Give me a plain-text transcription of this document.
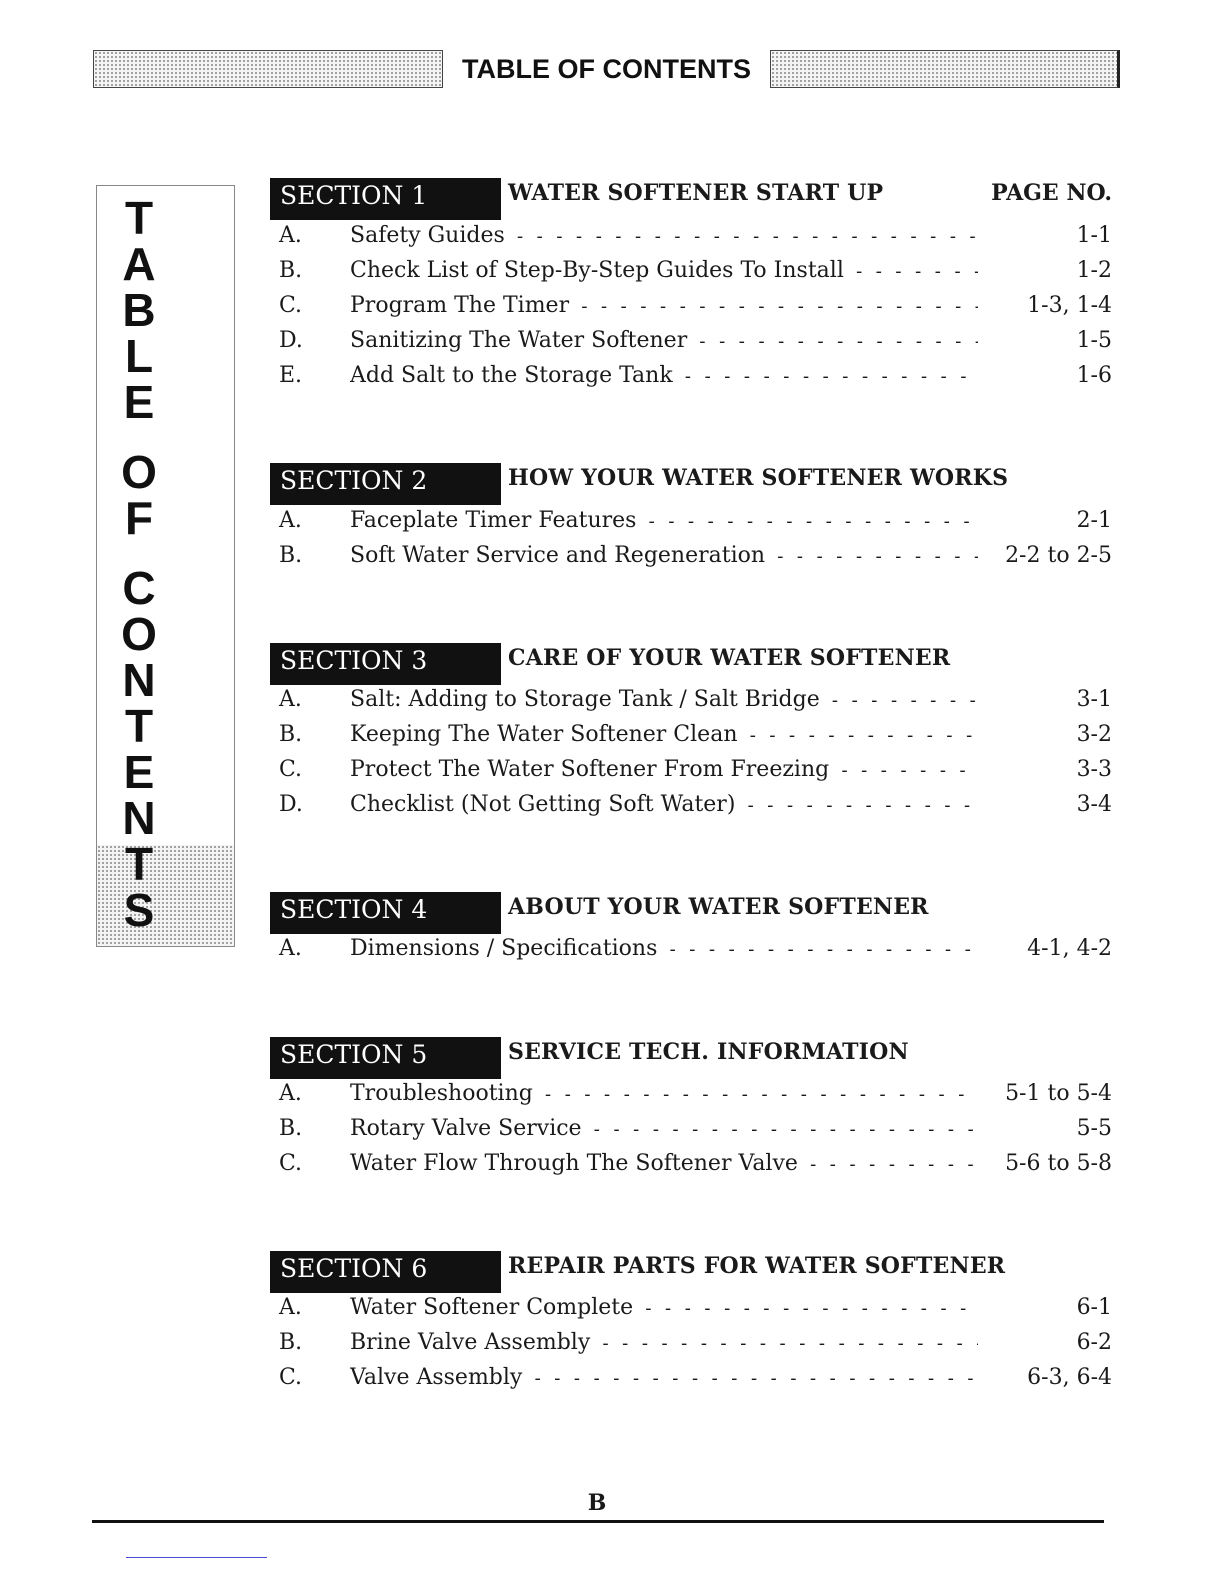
TABLE OF CONTENTS
T
A
B
L
E
O
F
C
O
N
T
E
N
T
S
SECTION 1	WATER SOFTENER START UP	PAGE NO.
A. Safety Guides - - -	1-1
B. Check List of Step-By-Step Guides To Install - - -	1-2
C. Program The Timer - - -	1-3, 1-4
D. Sanitizing The Water Softener - - -	1-5
E. Add Salt to the Storage Tank - - -	1-6
SECTION 2	HOW YOUR WATER SOFTENER WORKS
A. Faceplate Timer Features - - -	2-1
B. Soft Water Service and Regeneration - - -	2-2 to 2-5
SECTION 3	CARE OF YOUR WATER SOFTENER
A. Salt: Adding to Storage Tank / Salt Bridge - - -	3-1
B. Keeping The Water Softener Clean - - -	3-2
C. Protect The Water Softener From Freezing - - -	3-3
D. Checklist (Not Getting Soft Water) - - -	3-4
SECTION 4	ABOUT YOUR WATER SOFTENER
A. Dimensions / Specifications - - -	4-1, 4-2
SECTION 5	SERVICE TECH. INFORMATION
A. Troubleshooting - - -	5-1 to 5-4
B. Rotary Valve Service - - -	5-5
C. Water Flow Through The Softener Valve - - -	5-6 to 5-8
SECTION 6	REPAIR PARTS FOR WATER SOFTENER
A. Water Softener Complete - - -	6-1
B. Brine Valve Assembly - - -	6-2
C. Valve Assembly - - -	6-3, 6-4
B
